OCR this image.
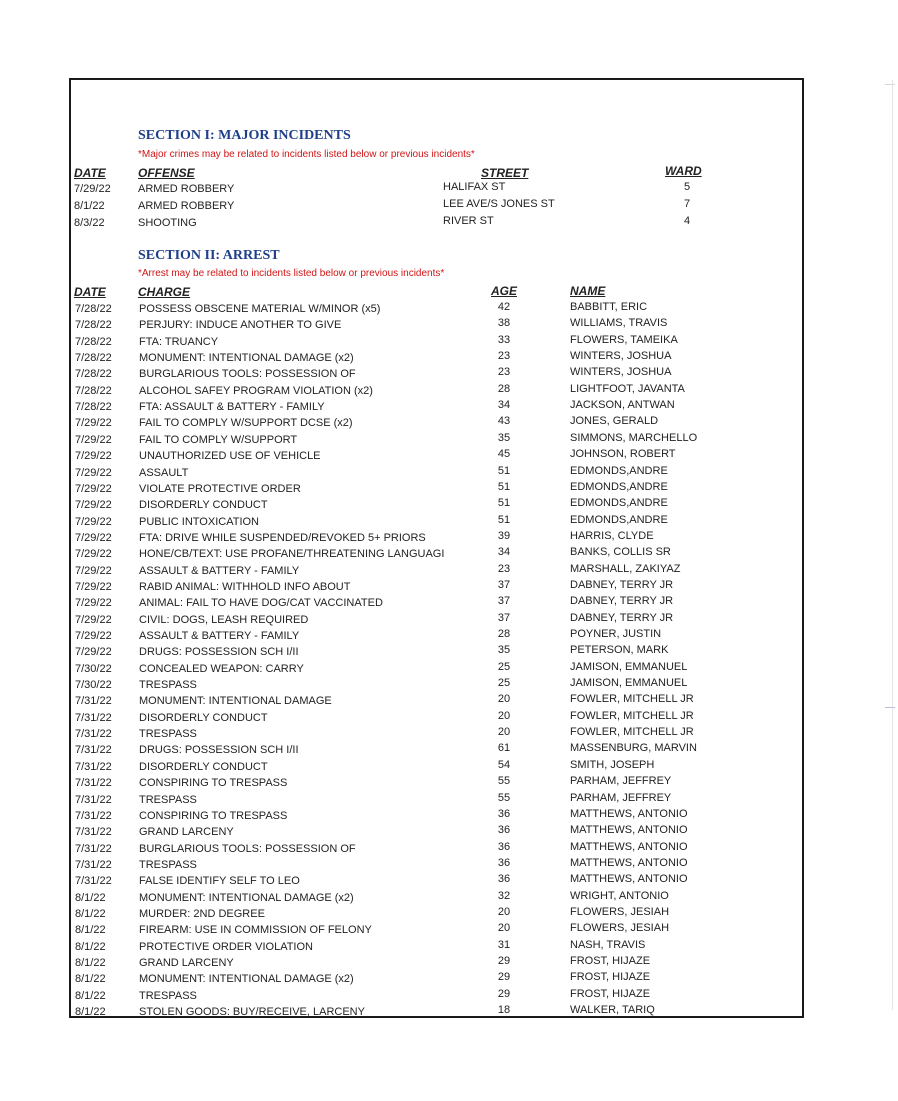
SECTION I: MAJOR INCIDENTS
*Major crimes may be related to incidents listed below or previous incidents*
DATE	OFFENSE	STREET	WARD
7/29/22 ARMED ROBBERY	HALIFAX ST	5
8/1/22	ARMED ROBBERY	LEE AVE/S JONES ST	7
8/3/22	SHOOTING	RIVER ST	4
SECTION II: ARREST
*Arrest may be related to incidents listed below or previous incidents*
DATE	CHARGE	AGE	NAME
7/28/22 POSSESS OBSCENE MATERIAL W/MINOR (x5)	42	BABBITT, ERIC
7/28/22 PERJURY: INDUCE ANOTHER TO GIVE	38	WILLIAMS, TRAVIS
7/28/22 FTA: TRUANCY	33	FLOWERS, TAMEIKA
7/28/22 MONUMENT: INTENTIONAL DAMAGE (x2)	23	WINTERS, JOSHUA
7/28/22 BURGLARIOUS TOOLS: POSSESSION OF	23	WINTERS, JOSHUA
7/28/22 ALCOHOL SAFEY PROGRAM VIOLATION (x2)	28	LIGHTFOOT, JAVANTA
7/28/22 FTA: ASSAULT & BATTERY - FAMILY	34	JACKSON, ANTWAN
7/29/22 FAIL TO COMPLY W/SUPPORT DCSE (x2)	43	JONES, GERALD
7/29/22 FAIL TO COMPLY W/SUPPORT	35	SIMMONS, MARCHELLO
7/29/22 UNAUTHORIZED USE OF VEHICLE	45	JOHNSON, ROBERT
7/29/22 ASSAULT	51	EDMONDS,ANDRE
7/29/22 VIOLATE PROTECTIVE ORDER	51	EDMONDS,ANDRE
7/29/22 DISORDERLY CONDUCT	51	EDMONDS,ANDRE
7/29/22 PUBLIC INTOXICATION	51	EDMONDS,ANDRE
7/29/22 FTA: DRIVE WHILE SUSPENDED/REVOKED 5+ PRIORS	39	HARRIS, CLYDE
7/29/22 HONE/CB/TEXT: USE PROFANE/THREATENING LANGUAGI	34	BANKS, COLLIS SR
7/29/22 ASSAULT & BATTERY - FAMILY	23	MARSHALL, ZAKIYAZ
7/29/22 RABID ANIMAL: WITHHOLD INFO ABOUT	37	DABNEY, TERRY JR
7/29/22 ANIMAL: FAIL TO HAVE DOG/CAT VACCINATED	37	DABNEY, TERRY JR
7/29/22 CIVIL: DOGS, LEASH REQUIRED	37	DABNEY, TERRY JR
7/29/22 ASSAULT & BATTERY - FAMILY	28	POYNER, JUSTIN
7/29/22 DRUGS: POSSESSION SCH I/II	35	PETERSON, MARK
7/30/22 CONCEALED WEAPON: CARRY	25	JAMISON, EMMANUEL
7/30/22 TRESPASS	25	JAMISON, EMMANUEL
7/31/22 MONUMENT: INTENTIONAL DAMAGE	20	FOWLER, MITCHELL JR
7/31/22 DISORDERLY CONDUCT	20	FOWLER, MITCHELL JR
7/31/22 TRESPASS	20	FOWLER, MITCHELL JR
7/31/22 DRUGS: POSSESSION SCH I/II	61	MASSENBURG, MARVIN
7/31/22 DISORDERLY CONDUCT	54	SMITH, JOSEPH
7/31/22 CONSPIRING TO TRESPASS	55	PARHAM, JEFFREY
7/31/22 TRESPASS	55	PARHAM, JEFFREY
7/31/22 CONSPIRING TO TRESPASS	36	MATTHEWS, ANTONIO
7/31/22 GRAND LARCENY	36	MATTHEWS, ANTONIO
7/31/22 BURGLARIOUS TOOLS: POSSESSION OF	36	MATTHEWS, ANTONIO
7/31/22 TRESPASS	36	MATTHEWS, ANTONIO
7/31/22 FALSE IDENTIFY SELF TO LEO	36	MATTHEWS, ANTONIO
8/1/22	MONUMENT: INTENTIONAL DAMAGE (x2)	32	WRIGHT, ANTONIO
8/1/22	MURDER: 2ND DEGREE	20	FLOWERS, JESIAH
8/1/22	FIREARM: USE IN COMMISSION OF FELONY	20	FLOWERS, JESIAH
8/1/22	PROTECTIVE ORDER VIOLATION	31	NASH, TRAVIS
8/1/22	GRAND LARCENY	29	FROST, HIJAZE
8/1/22	MONUMENT: INTENTIONAL DAMAGE (x2)	29	FROST, HIJAZE
8/1/22	TRESPASS	29	FROST, HIJAZE
8/1/22	STOLEN GOODS: BUY/RECEIVE, LARCENY	18	WALKER, TARIQ
